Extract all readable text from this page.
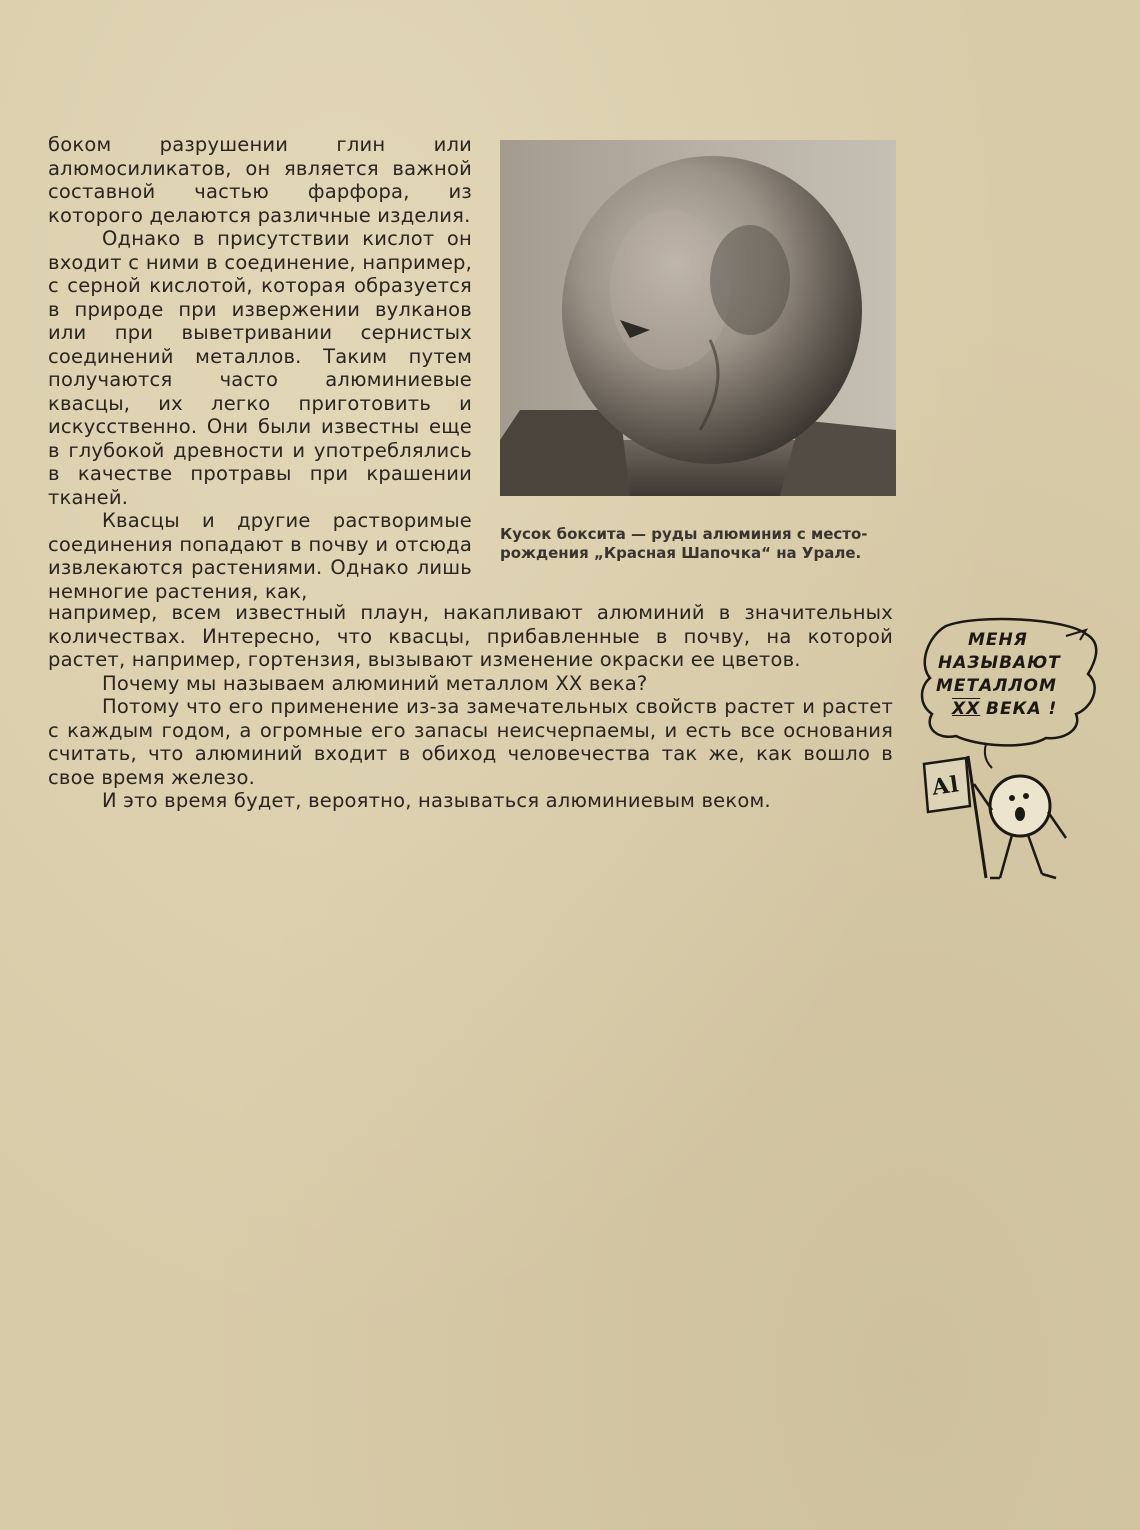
боком разрушении глин или алюмосиликатов, он является важной составной частью фарфора, из которого делаются различные изделия.

Однако в присутствии кислот он входит с ними в соединение, например, с серной кислотой, которая образуется в природе при извержении вулканов или при выветривании сернистых соединений металлов. Таким путем получаются часто алюминиевые квасцы, их легко приготовить и искусственно. Они были известны еще в глубокой древности и употреблялись в качестве протравы при крашении тканей.

Квасцы и другие растворимые соединения попадают в почву и отсюда извлекаются растениями. Однако лишь немногие растения, как,

Кусок боксита — руды алюминия с место-
рождения „Красная Шапочка“ на Урале.

например, всем известный плаун, накапливают алюминий в значительных количествах. Интересно, что квасцы, прибавленные в почву, на которой растет, например, гортензия, вызывают изменение окраски ее цветов.

Почему мы называем алюминий металлом XX века?

Потому что его применение из-за замечательных свойств растет и растет с каждым годом, а огромные его запасы неисчерпаемы, и есть все основания считать, что алюминий входит в обиход человечества так же, как вошло в свое время железо.

И это время будет, вероятно, называться алюминиевым веком.

МЕНЯ
НАЗЫВАЮТ
МЕТАЛЛОМ
XX ВЕКА !
Al
